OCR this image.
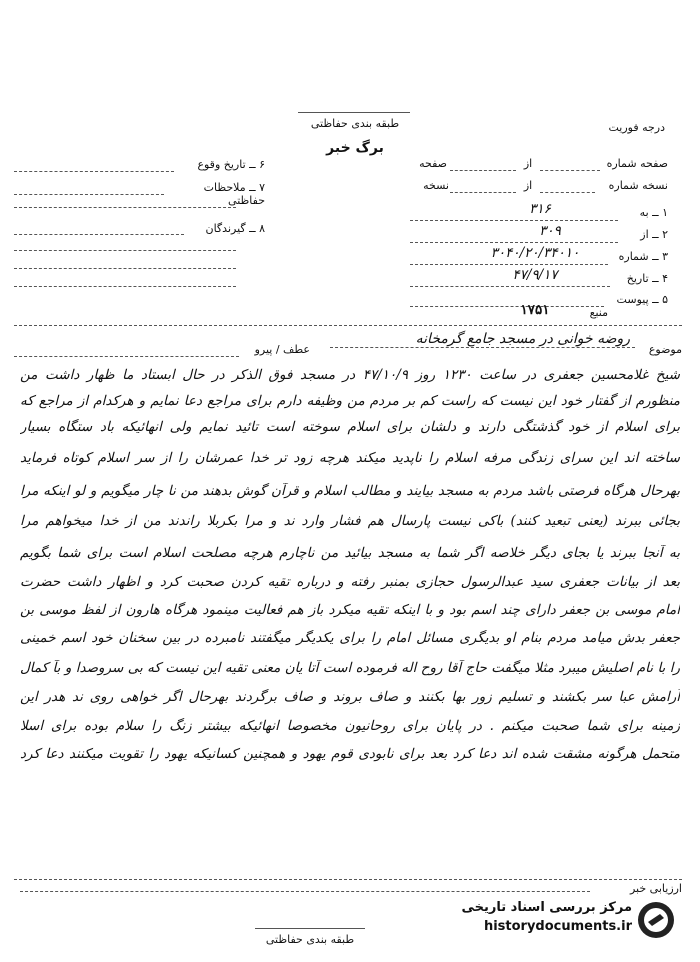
طبقه بندی حفاظتی	درجه فوریت
برگ خبر
۶ ــ تاریخ وقوع
۷ ــ ملاحظات حفاظتی
۸ ــ گیرندگان
صفحه شماره
از
صفحه
نسخه شماره
از
نسخه
۱ ــ به
۳۱۶
۲ ــ از
۳۰۹
۳ ــ شماره
۳۰۴۰/۲۰/۳۴۰۱۰
۴ ــ تاریخ
۴۷/۹/۱۷
۵ ــ پیوست
منبع
۱۷۵۱
موضوع
روضه خوانی در مسجد جامع گرمخانه
عطف / پیرو
شیخ غلامحسین جعفری در ساعت ۱۲۳۰ روز ۴۷/۱۰/۹ در مسجد فوق الذکر در حال ابستاد ما ظهار داشت من
منظورم از گفتار خود این نیست که راست کم بر مردم من وظیفه دارم برای مراجع دعا نمایم و هرکدام از مراجع که
برای اسلام از خود گذشتگی دارند و دلشان برای اسلام سوخته است تائید نمایم ولی انهائیکه باد ستگاه بسیار
ساخته اند این سرای زندگی مرفه اسلام را ناپدید میکند هرچه زود تر خدا عمرشان را از سر اسلام کوتاه فرماید
بهرحال هرگاه فرصتی باشد مردم به مسجد بیایند و مطالب اسلام و قرآن گوش بدهند من نا چار میگویم و لو اینکه مرا
بجائی ببرند (یعنی تبعید کنند) باکی نیست پارسال هم فشار وارد ند و مرا بکربلا راندند من از خدا میخواهم مرا
به آنجا ببرند یا بجای دیگر خلاصه اگر شما به مسجد بیائید من ناچارم هرچه مصلحت اسلام است برای شما بگویم
بعد از بیانات جعفری سید عبدالرسول حجازی بمنبر رفته و درباره تقیه کردن صحبت کرد و اظهار داشت حضرت
امام موسی بن جعفر دارای چند اسم بود و با اینکه تقیه میکرد باز هم فعالیت مینمود هرگاه هارون از لفظ موسی بن
جعفر بدش میامد مردم بنام او بدیگری مسائل امام را برای یکدیگر میگفتند نامبرده در بین سخنان خود اسم خمینی
را با نام اصلیش میبرد مثلا میگفت حاج آقا روح اله فرموده است آتا یان معنی تقیه این نیست که بی سروصدا و بآ کمال
آرامش عبا سر بکشند و تسلیم زور بها بکنند و صاف بروند و صاف برگردند بهرحال اگر خواهی روی ند هدر این
زمینه برای شما صحبت میکنم . در پایان برای روحانیون مخصوصا انهائیکه بیشتر زنگ را سلام بوده برای اسلا
متحمل هرگونه مشقت شده اند دعا کرد بعد برای نابودی قوم یهود و همچنین کسانیکه یهود را تقویت میکنند دعا کرد
ارزیابی خبر
طبقه بندی حفاظتی
مرکز بررسی اسناد تاریخی
historydocuments.ir
